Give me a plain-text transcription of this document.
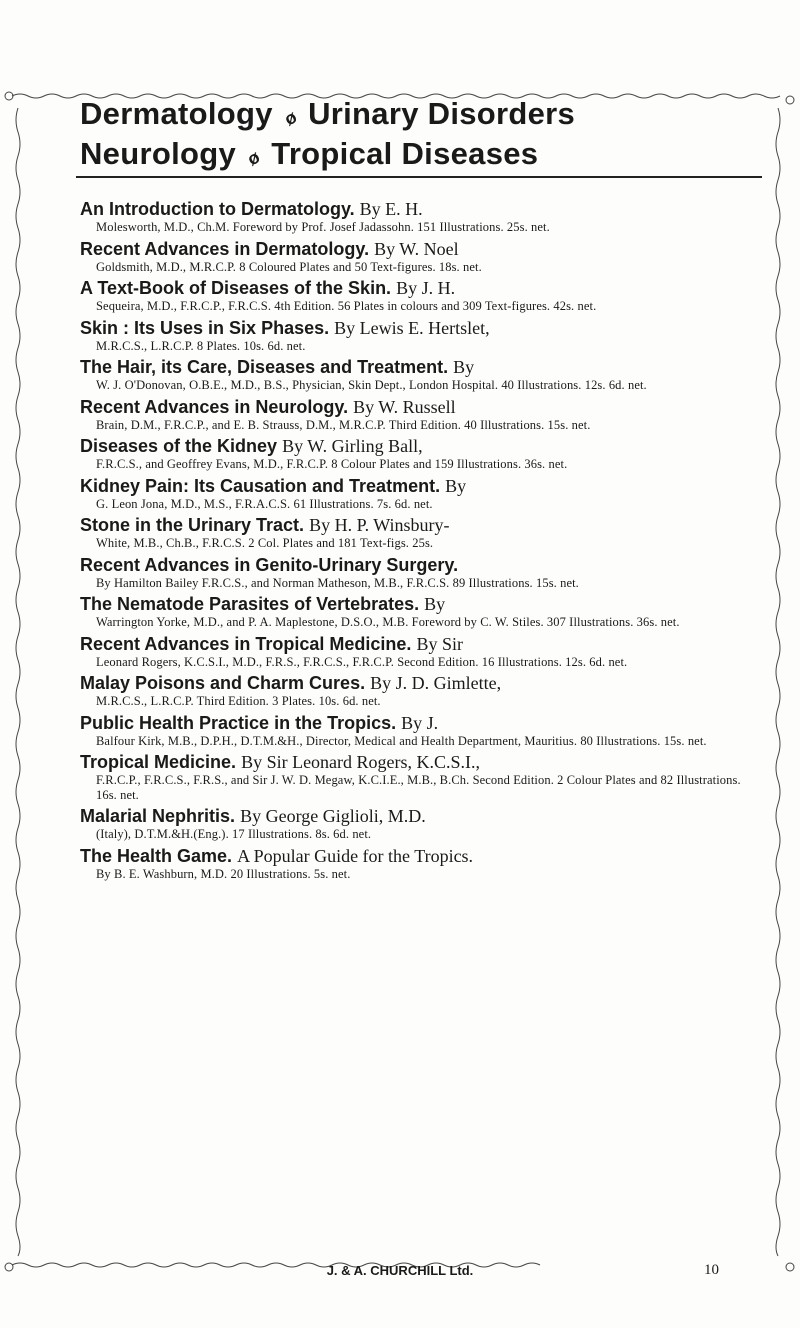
Dermatology ø Urinary Disorders
Neurology ø Tropical Diseases
An Introduction to Dermatology. By E. H.
Molesworth, M.D., Ch.M. Foreword by Prof. Josef Jadassohn. 151 Illustrations. 25s. net.
Recent Advances in Dermatology. By W. Noel
Goldsmith, M.D., M.R.C.P. 8 Coloured Plates and 50 Text-figures. 18s. net.
A Text-Book of Diseases of the Skin. By J. H.
Sequeira, M.D., F.R.C.P., F.R.C.S. 4th Edition. 56 Plates in colours and 309 Text-figures. 42s. net.
Skin : Its Uses in Six Phases. By Lewis E. Hertslet,
M.R.C.S., L.R.C.P. 8 Plates. 10s. 6d. net.
The Hair, its Care, Diseases and Treatment. By
W. J. O'Donovan, O.B.E., M.D., B.S., Physician, Skin Dept., London Hospital. 40 Illustrations. 12s. 6d. net.
Recent Advances in Neurology. By W. Russell
Brain, D.M., F.R.C.P., and E. B. Strauss, D.M., M.R.C.P. Third Edition. 40 Illustrations. 15s. net.
Diseases of the Kidney By W. Girling Ball,
F.R.C.S., and Geoffrey Evans, M.D., F.R.C.P. 8 Colour Plates and 159 Illustrations. 36s. net.
Kidney Pain: Its Causation and Treatment. By
G. Leon Jona, M.D., M.S., F.R.A.C.S. 61 Illustrations. 7s. 6d. net.
Stone in the Urinary Tract. By H. P. Winsbury-
White, M.B., Ch.B., F.R.C.S. 2 Col. Plates and 181 Text-figs. 25s.
Recent Advances in Genito-Urinary Surgery.
By Hamilton Bailey F.R.C.S., and Norman Matheson, M.B., F.R.C.S. 89 Illustrations. 15s. net.
The Nematode Parasites of Vertebrates. By
Warrington Yorke, M.D., and P. A. Maplestone, D.S.O., M.B. Foreword by C. W. Stiles. 307 Illustrations. 36s. net.
Recent Advances in Tropical Medicine. By Sir
Leonard Rogers, K.C.S.I., M.D., F.R.S., F.R.C.S., F.R.C.P. Second Edition. 16 Illustrations. 12s. 6d. net.
Malay Poisons and Charm Cures. By J. D. Gimlette,
M.R.C.S., L.R.C.P. Third Edition. 3 Plates. 10s. 6d. net.
Public Health Practice in the Tropics. By J.
Balfour Kirk, M.B., D.P.H., D.T.M.&H., Director, Medical and Health Department, Mauritius. 80 Illustrations. 15s. net.
Tropical Medicine. By Sir Leonard Rogers, K.C.S.I.,
F.R.C.P., F.R.C.S., F.R.S., and Sir J. W. D. Megaw, K.C.I.E., M.B., B.Ch. Second Edition. 2 Colour Plates and 82 Illustrations. 16s. net.
Malarial Nephritis. By George Giglioli, M.D.
(Italy), D.T.M.&H.(Eng.). 17 Illustrations. 8s. 6d. net.
The Health Game. A Popular Guide for the Tropics.
By B. E. Washburn, M.D. 20 Illustrations. 5s. net.
J. & A. CHURCHILL Ltd.	10
